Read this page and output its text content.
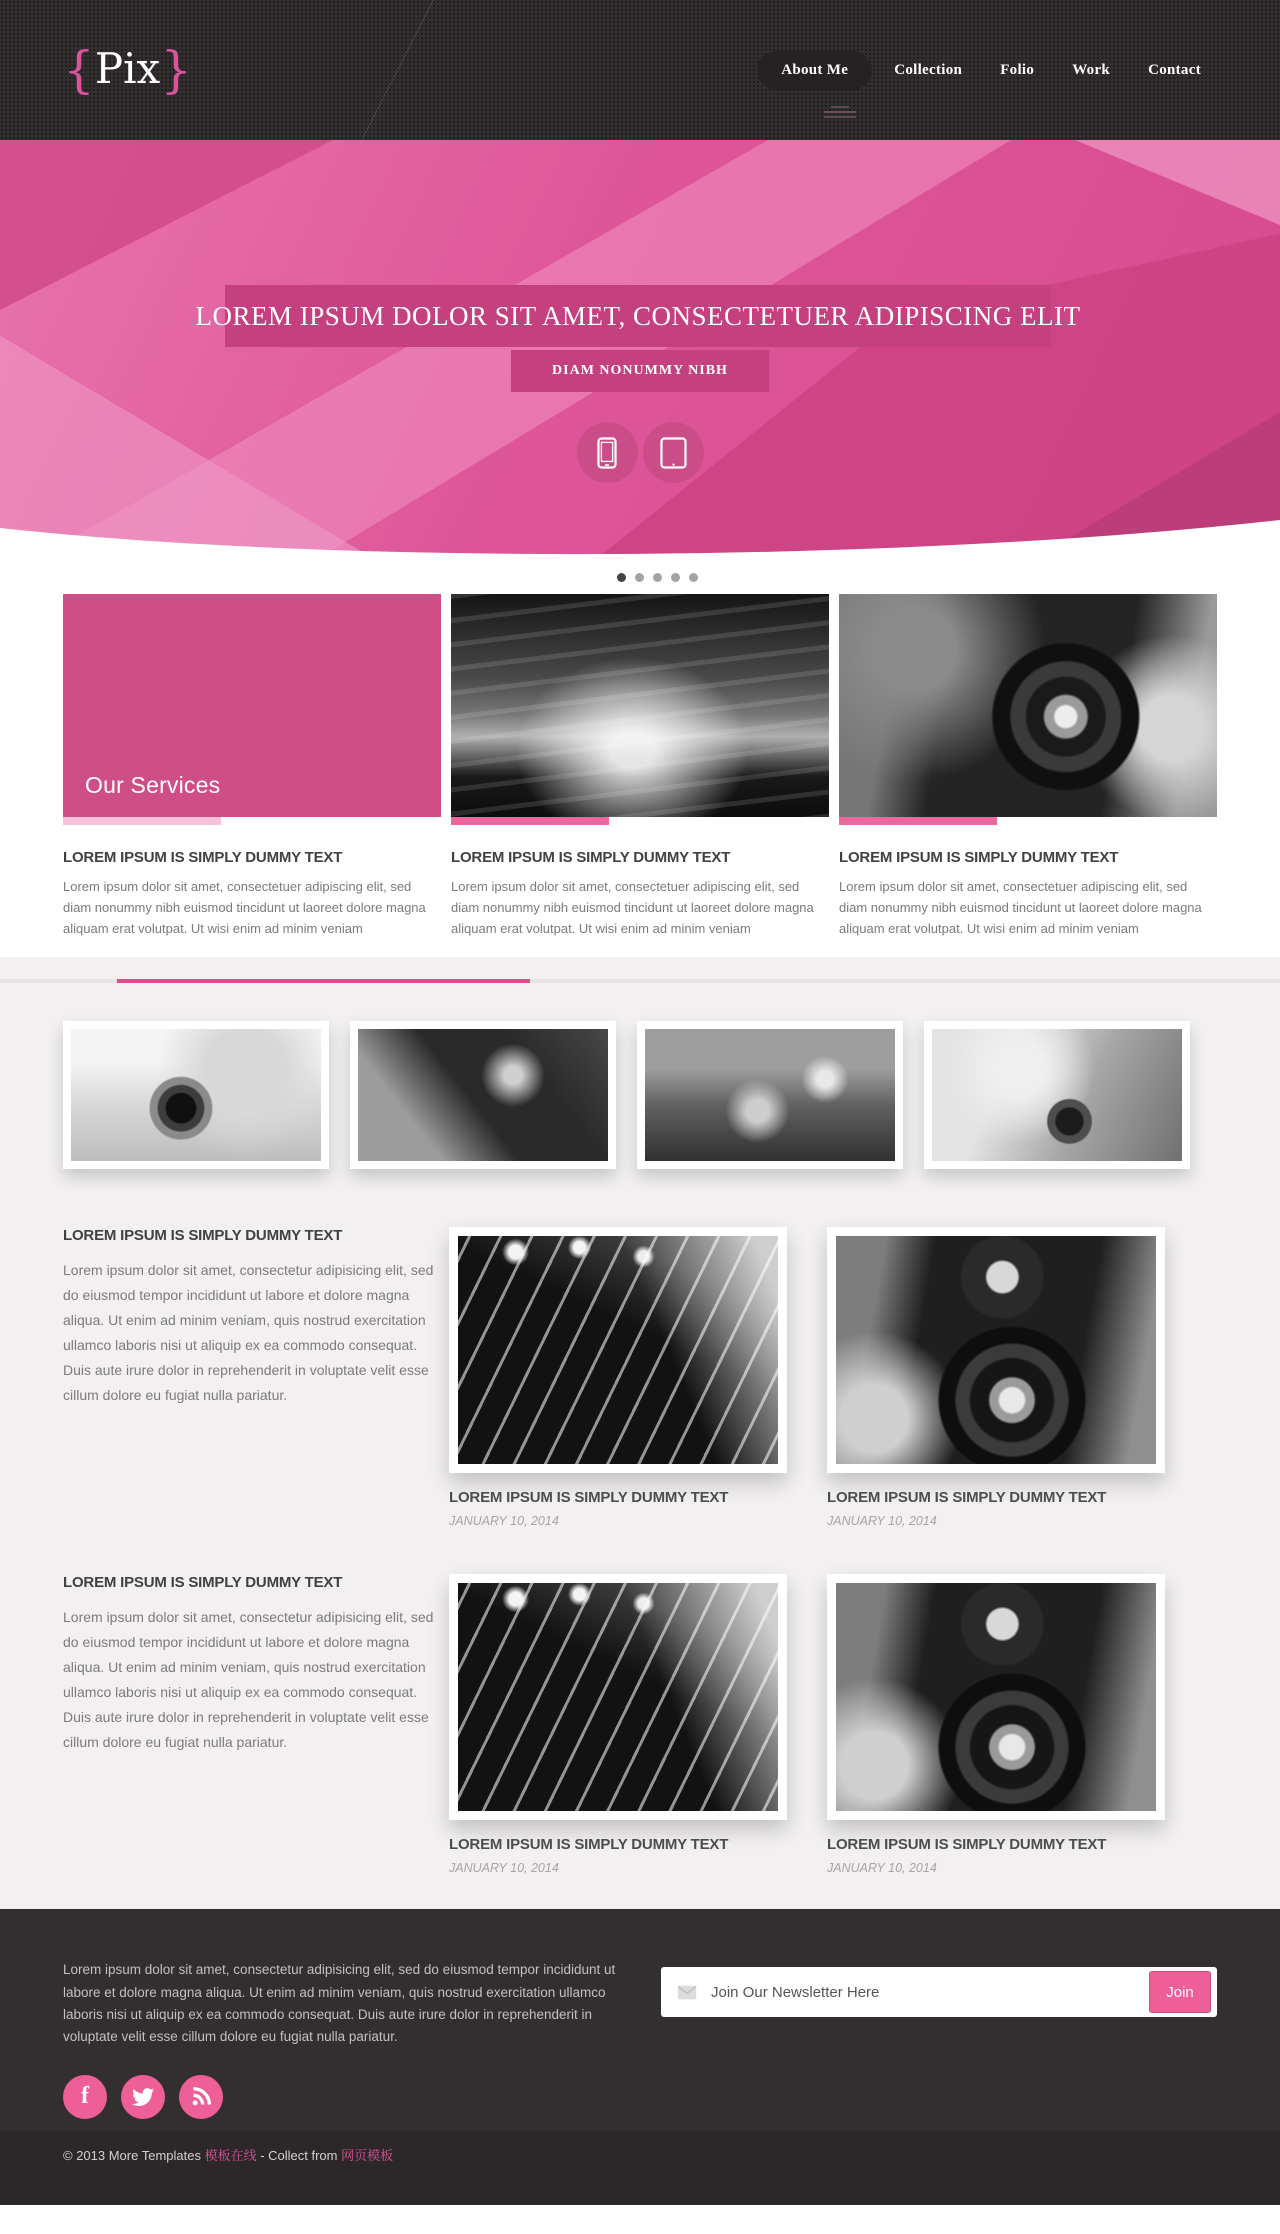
{Pix}	About Me	Collection	Folio	Work	Contact
LOREM IPSUM DOLOR SIT AMET, CONSECTETUER ADIPISCING ELIT
DIAM NONUMMY NIBH
Our Services
LOREM IPSUM IS SIMPLY DUMMY TEXT

Lorem ipsum dolor sit amet, consectetuer adipiscing elit, sed diam nonummy nibh euismod tincidunt ut laoreet dolore magna aliquam erat volutpat. Ut wisi enim ad minim veniam

LOREM IPSUM IS SIMPLY DUMMY TEXT

Lorem ipsum dolor sit amet, consectetuer adipiscing elit, sed diam nonummy nibh euismod tincidunt ut laoreet dolore magna aliquam erat volutpat. Ut wisi enim ad minim veniam

LOREM IPSUM IS SIMPLY DUMMY TEXT

Lorem ipsum dolor sit amet, consectetuer adipiscing elit, sed diam nonummy nibh euismod tincidunt ut laoreet dolore magna aliquam erat volutpat. Ut wisi enim ad minim veniam

LOREM IPSUM IS SIMPLY DUMMY TEXT

Lorem ipsum dolor sit amet, consectetur adipisicing elit, sed do eiusmod tempor incididunt ut labore et dolore magna aliqua. Ut enim ad minim veniam, quis nostrud exercitation ullamco laboris nisi ut aliquip ex ea commodo consequat. Duis aute irure dolor in reprehenderit in voluptate velit esse cillum dolore eu fugiat nulla pariatur.

LOREM IPSUM IS SIMPLY DUMMY TEXT
JANUARY 10, 2014
LOREM IPSUM IS SIMPLY DUMMY TEXT
JANUARY 10, 2014
LOREM IPSUM IS SIMPLY DUMMY TEXT

Lorem ipsum dolor sit amet, consectetur adipisicing elit, sed do eiusmod tempor incididunt ut labore et dolore magna aliqua. Ut enim ad minim veniam, quis nostrud exercitation ullamco laboris nisi ut aliquip ex ea commodo consequat. Duis aute irure dolor in reprehenderit in voluptate velit esse cillum dolore eu fugiat nulla pariatur.

LOREM IPSUM IS SIMPLY DUMMY TEXT
JANUARY 10, 2014
LOREM IPSUM IS SIMPLY DUMMY TEXT
JANUARY 10, 2014

Lorem ipsum dolor sit amet, consectetur adipisicing elit, sed do eiusmod tempor incididunt ut labore et dolore magna aliqua. Ut enim ad minim veniam, quis nostrud exercitation ullamco laboris nisi ut aliquip ex ea commodo consequat. Duis aute irure dolor in reprehenderit in voluptate velit esse cillum dolore eu fugiat nulla pariatur.

f
Join Our Newsletter Here
Join
© 2013 More Templates 模板在线 - Collect from 网页模板
